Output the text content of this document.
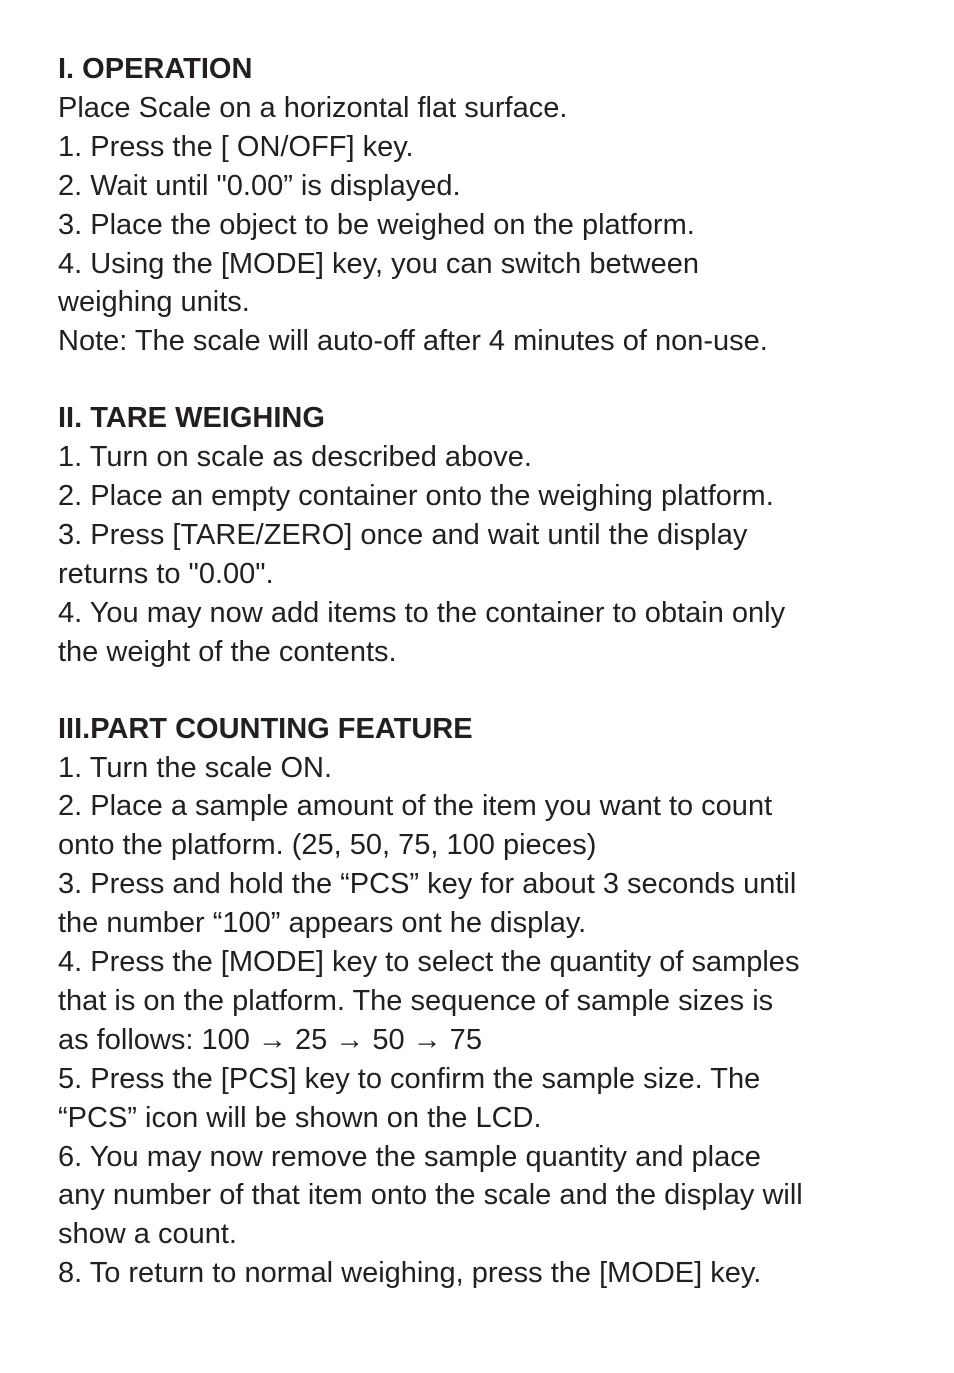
I. OPERATION

Place Scale on a horizontal flat surface.

1. Press the [ ON/OFF] key.

2. Wait until "0.00” is displayed.

3. Place the object to be weighed on the platform.

4. Using the [MODE] key, you can switch between

weighing units.

Note: The scale will auto-off after 4 minutes of non-use.

II. TARE WEIGHING

1. Turn on scale as described above.

2. Place an empty container onto the weighing platform.

3. Press [TARE/ZERO] once and wait until the display

returns to "0.00".

4. You may now add items to the container to obtain only

the weight of the contents.

III.PART COUNTING FEATURE

1. Turn the scale ON.

2. Place a sample amount of the item you want to count

onto the platform. (25, 50, 75, 100 pieces)

3. Press and hold the “PCS” key for about 3 seconds until

the number “100” appears ont he display.

4. Press the [MODE] key to select the quantity of samples

that is on the platform. The sequence of sample sizes is

as follows: 100 → 25 → 50 → 75

5. Press the [PCS] key to confirm the sample size. The

“PCS” icon will be shown on the LCD.

6. You may now remove the sample quantity and place

any number of that item onto the scale and the display will

show a count.

8. To return to normal weighing, press the [MODE] key.
